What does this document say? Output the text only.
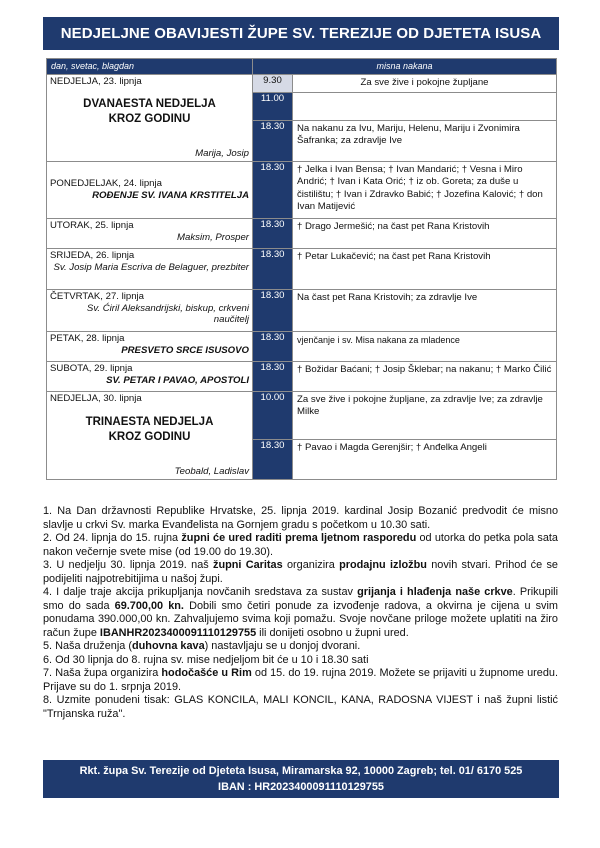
NEDJELJNE OBAVIJESTI ŽUPE SV. TEREZIJE OD DJETETA ISUSA
dan, svetac, blagdan	misna nakana	

NEDJELJA, 23. lipnja
DVANAESTA NEDJELJA
KROZ GODINU
Marija, Josip	9.30	Za sve žive i pokojne župljane
	11.00	
	18.30	Na nakanu za Ivu, Mariju, Helenu, Mariju i Zvonimira Šafranka; za zdravlje Ive

PONEDJELJAK, 24. lipnja
ROĐENJE SV. IVANA KRSTITELJA	18.30	† Jelka i Ivan Bensa; † Ivan Mandarić; † Vesna i Miro Andrić; † Ivan i Kata Orić; † iz ob. Goreta; za duše u čistilištu; † Ivan i Zdravko Babić; † Jozefina Kalović; † don Ivan Matijević

UTORAK, 25. lipnja
Maksim, Prosper	18.30	† Drago Jermešić; na čast pet Rana Kristovih

SRIJEDA, 26. lipnja
Sv. Josip Maria Escriva de Belaguer, prezbiter	18.30	† Petar Lukačević; na čast pet Rana Kristovih

ČETVRTAK, 27. lipnja
Sv. Ćiril Aleksandrijski, biskup, crkveni naučitelj	18.30	Na čast pet Rana Kristovih; za zdravlje Ive

PETAK, 28. lipnja
PRESVETO SRCE ISUSOVO	18.30	vjenčanje i sv. Misa nakana za mladence

SUBOTA, 29. lipnja
SV. PETAR I PAVAO, APOSTOLI	18.30	† Božidar Baćani; † Josip Šklebar; na nakanu; † Marko Čilić

NEDJELJA, 30. lipnja
TRINAESTA NEDJELJA
KROZ GODINU
Teobald, Ladislav	10.00	Za sve žive i pokojne župljane, za zdravlje Ive; za zdravlje Milke
	18.30	† Pavao i Magda Gerenjšir; † Anđelka Angeli

1. Na Dan državnosti Republike Hrvatske, 25. lipnja 2019. kardinal Josip Bozanić predvodit će misno slavlje u crkvi Sv. marka Evanđelista na Gornjem gradu s početkom u 10.30 sati.

2. Od 24. lipnja do 15. rujna župni će ured raditi prema ljetnom rasporedu od utorka do petka pola sata nakon večernje svete mise (od 19.00 do 19.30).

3. U nedjelju 30. lipnja 2019. naš župni Caritas organizira prodajnu izložbu novih stvari. Prihod će se podijeliti najpotrebitijima u našoj župi.

4. I dalje traje akcija prikupljanja novčanih sredstava za sustav grijanja i hlađenja naše crkve. Prikupili smo do sada 69.700,00 kn. Dobili smo četiri ponude za izvođenje radova, a okvirna je cijena u svim ponudama 390.000,00 kn. Zahvaljujemo svima koji pomažu. Svoje novčane priloge možete uplatiti na žiro račun župe IBANHR2023400091110129755 ili donijeti osobno u župni ured.

5. Naša druženja (duhovna kava) nastavljaju se u donjoj dvorani.

6. Od 30 lipnja do 8. rujna sv. mise nedjeljom bit će u 10 i 18.30 sati

7. Naša župa organizira hodočašće u Rim od 15. do 19. rujna 2019. Možete se prijaviti u župnome uredu. Prijave su do 1. srpnja 2019.

8. Uzmite ponudeni tisak: GLAS KONCILA, MALI KONCIL, KANA, RADOSNA VIJEST i naš župni listić "Trnjanska ruža".

Rkt. župa Sv. Terezije od Djeteta Isusa, Miramarska 92, 10000 Zagreb; tel. 01/ 6170 525
IBAN : HR2023400091110129755
